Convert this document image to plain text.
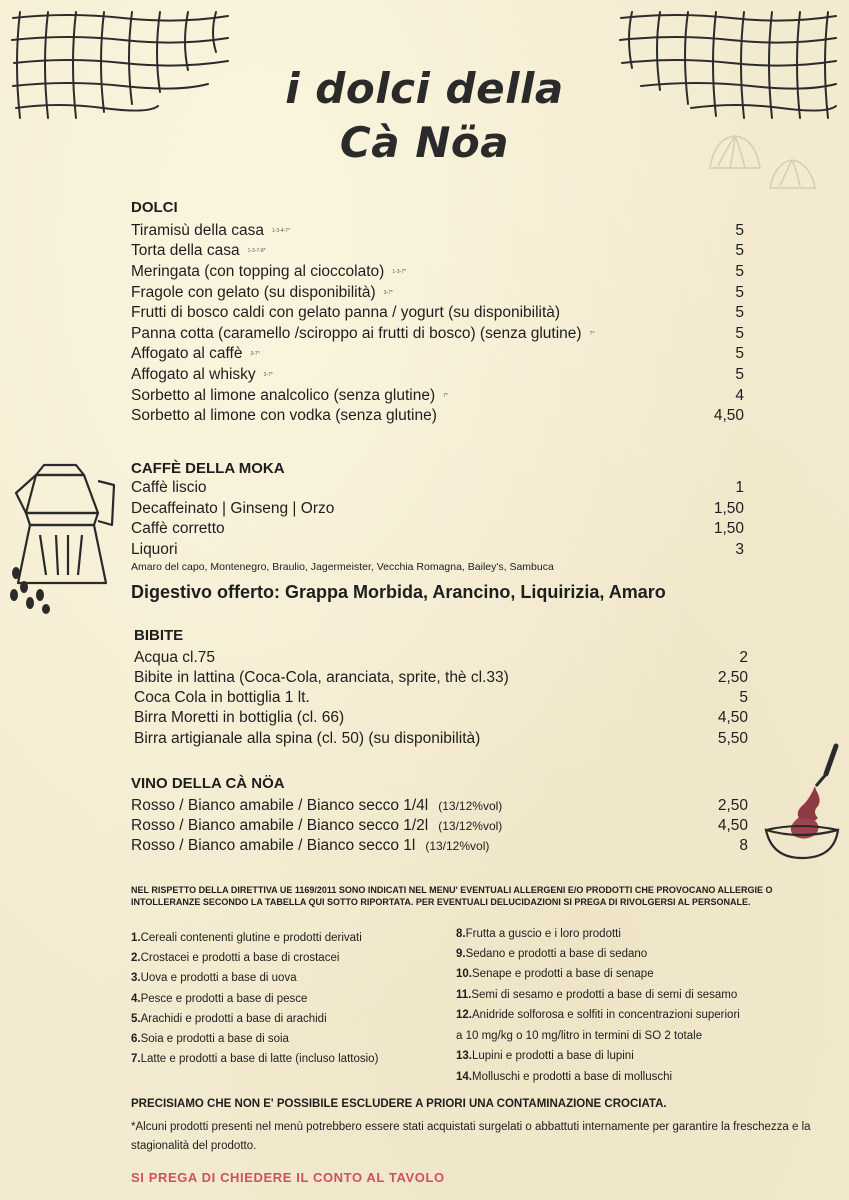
i dolci della
Cà Nöa
DOLCI
Tiramisù della casa 1-3-4-7*	5
Torta della casa 1-3-7-8*	5
Meringata (con topping al cioccolato) 1-3-7*	5
Fragole con gelato (su disponibilità) 3-7*	5
Frutti di bosco caldi con gelato panna / yogurt (su disponibilità)	5
Panna cotta (caramello /sciroppo ai frutti di bosco) (senza glutine) 7*	5
Affogato al caffè 3-7*	5
Affogato al whisky 3-7*	5
Sorbetto al limone analcolico (senza glutine) 7*	4
Sorbetto al limone con vodka (senza glutine)	4,50
CAFFÈ DELLA MOKA
Caffè liscio	1
Decaffeinato | Ginseng | Orzo	1,50
Caffè corretto	1,50
Liquori	3
Amaro del capo, Montenegro, Braulio, Jagermeister, Vecchia Romagna, Bailey's, Sambuca
Digestivo offerto: Grappa Morbida, Arancino, Liquirizia, Amaro
BIBITE
Acqua cl.75	2
Bibite in lattina (Coca-Cola, aranciata, sprite, thè cl.33)	2,50
Coca Cola in bottiglia 1 lt.	5
Birra Moretti in bottiglia (cl. 66)	4,50
Birra artigianale alla spina (cl. 50) (su disponibilità)	5,50
VINO DELLA CÀ NÖA
Rosso / Bianco amabile / Bianco secco 1/4l (13/12%vol)	2,50
Rosso / Bianco amabile / Bianco secco 1/2l (13/12%vol)	4,50
Rosso / Bianco amabile / Bianco secco 1l (13/12%vol)	8

NEL RISPETTO DELLA DIRETTIVA UE 1169/2011 SONO INDICATI NEL MENU' EVENTUALI ALLERGENI E/O PRODOTTI CHE PROVOCANO ALLERGIE O INTOLLERANZE SECONDO LA TABELLA QUI SOTTO RIPORTATA. PER EVENTUALI DELUCIDAZIONI SI PREGA DI RIVOLGERSI AL PERSONALE.

1.Cereali contenenti glutine e prodotti derivati
2.Crostacei e prodotti a base di crostacei
3.Uova e prodotti a base di uova
4.Pesce e prodotti a base di pesce
5.Arachidi e prodotti a base di arachidi
6.Soia e prodotti a base di soia
7.Latte e prodotti a base di latte (incluso lattosio)
8.Frutta a guscio e i loro prodotti
9.Sedano e prodotti a base di sedano
10.Senape e prodotti a base di senape
11.Semi di sesamo e prodotti a base di semi di sesamo
12.Anidride solforosa e solfiti in concentrazioni superiori
a 10 mg/kg o 10 mg/litro in termini di SO 2 totale
13.Lupini e prodotti a base di lupini
14.Molluschi e prodotti a base di molluschi
PRECISIAMO CHE NON E' POSSIBILE ESCLUDERE A PRIORI UNA CONTAMINAZIONE CROCIATA.
*Alcuni prodotti presenti nel menù potrebbero essere stati acquistati surgelati o abbattuti internamente per garantire la freschezza e la stagionalità del prodotto.
SI PREGA DI CHIEDERE IL CONTO AL TAVOLO
